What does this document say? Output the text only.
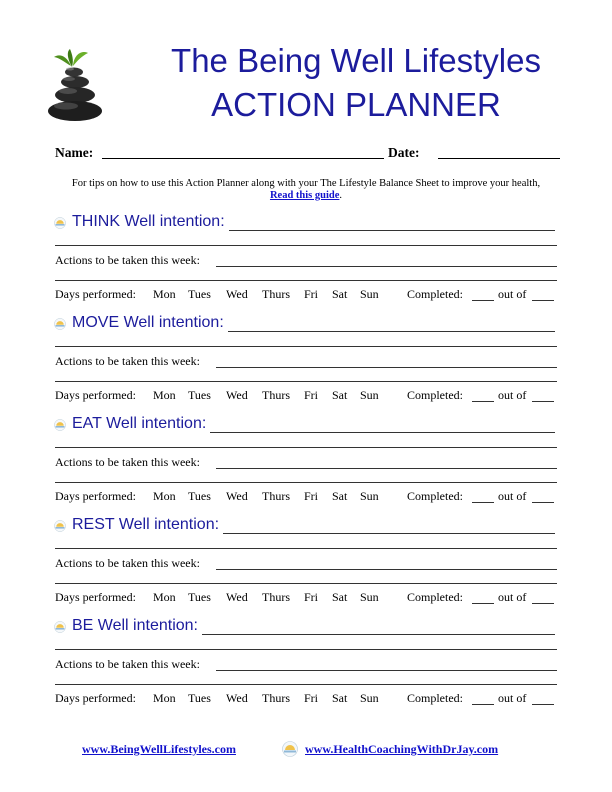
The Being Well Lifestyles
ACTION PLANNER
Name:	Date:
For tips on how to use this Action Planner along with your The Lifestyle Balance Sheet to improve your health,
Read this guide.
THINK Well intention:
Actions to be taken this week:
Days performed: Mon Tues Wed Thurs Fri Sat Sun Completed:	out of
MOVE Well intention:
Actions to be taken this week:
Days performed: Mon Tues Wed Thurs Fri Sat Sun Completed:	out of
EAT Well intention:
Actions to be taken this week:
Days performed: Mon Tues Wed Thurs Fri Sat Sun Completed:	out of
REST Well intention:
Actions to be taken this week:
Days performed: Mon Tues Wed Thurs Fri Sat Sun Completed:	out of
BE Well intention:
Actions to be taken this week:
Days performed: Mon Tues Wed Thurs Fri Sat Sun Completed:	out of
www.BeingWellLifestyles.com	www.HealthCoachingWithDrJay.com
